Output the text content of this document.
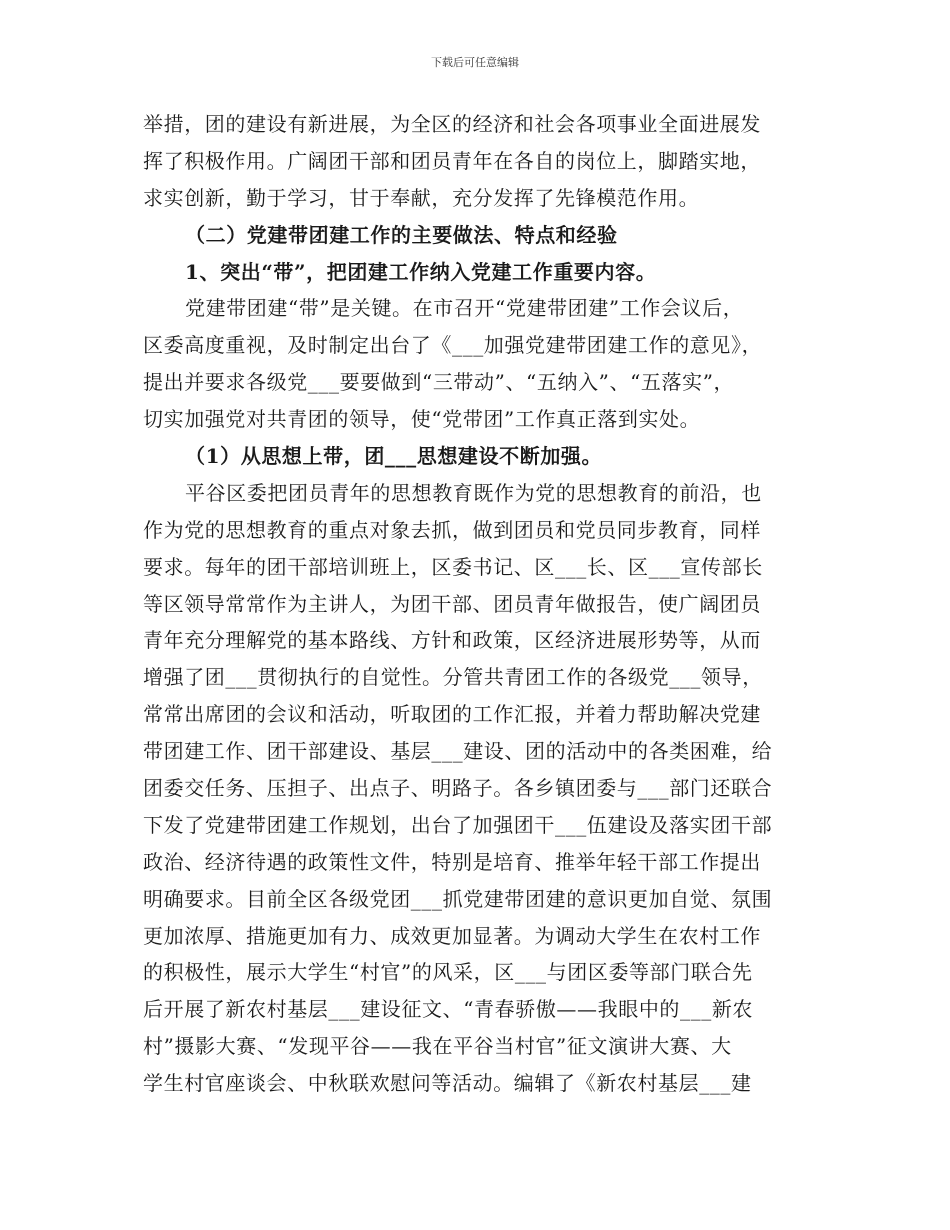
下载后可任意编辑
举措，团的建设有新进展，为全区的经济和社会各项事业全面进展发
挥了积极作用。广阔团干部和团员青年在各自的岗位上，脚踏实地，
求实创新，勤于学习，甘于奉献，充分发挥了先锋模范作用。
（二）党建带团建工作的主要做法、特点和经验
1、突出“带”，把团建工作纳入党建工作重要内容。
党建带团建“带”是关键。在市召开“党建带团建”工作会议后，
区委高度重视，及时制定出台了《___加强党建带团建工作的意见》，
提出并要求各级党___要要做到“三带动”、“五纳入”、“五落实”，
切实加强党对共青团的领导，使“党带团”工作真正落到实处。
（1）从思想上带，团___思想建设不断加强。
平谷区委把团员青年的思想教育既作为党的思想教育的前沿，也
作为党的思想教育的重点对象去抓，做到团员和党员同步教育，同样
要求。每年的团干部培训班上，区委书记、区___长、区___宣传部长
等区领导常常作为主讲人，为团干部、团员青年做报告，使广阔团员
青年充分理解党的基本路线、方针和政策，区经济进展形势等，从而
增强了团___贯彻执行的自觉性。分管共青团工作的各级党___领导，
常常出席团的会议和活动，听取团的工作汇报，并着力帮助解决党建
带团建工作、团干部建设、基层___建设、团的活动中的各类困难，给
团委交任务、压担子、出点子、明路子。各乡镇团委与___部门还联合
下发了党建带团建工作规划，出台了加强团干___伍建设及落实团干部
政治、经济待遇的政策性文件，特别是培育、推举年轻干部工作提出
明确要求。目前全区各级党团___抓党建带团建的意识更加自觉、氛围
更加浓厚、措施更加有力、成效更加显著。为调动大学生在农村工作
的积极性，展示大学生“村官”的风采，区___与团区委等部门联合先
后开展了新农村基层___建设征文、“青春骄傲——我眼中的___新农
村”摄影大赛、“发现平谷——我在平谷当村官”征文演讲大赛、大
学生村官座谈会、中秋联欢慰问等活动。编辑了《新农村基层___建
